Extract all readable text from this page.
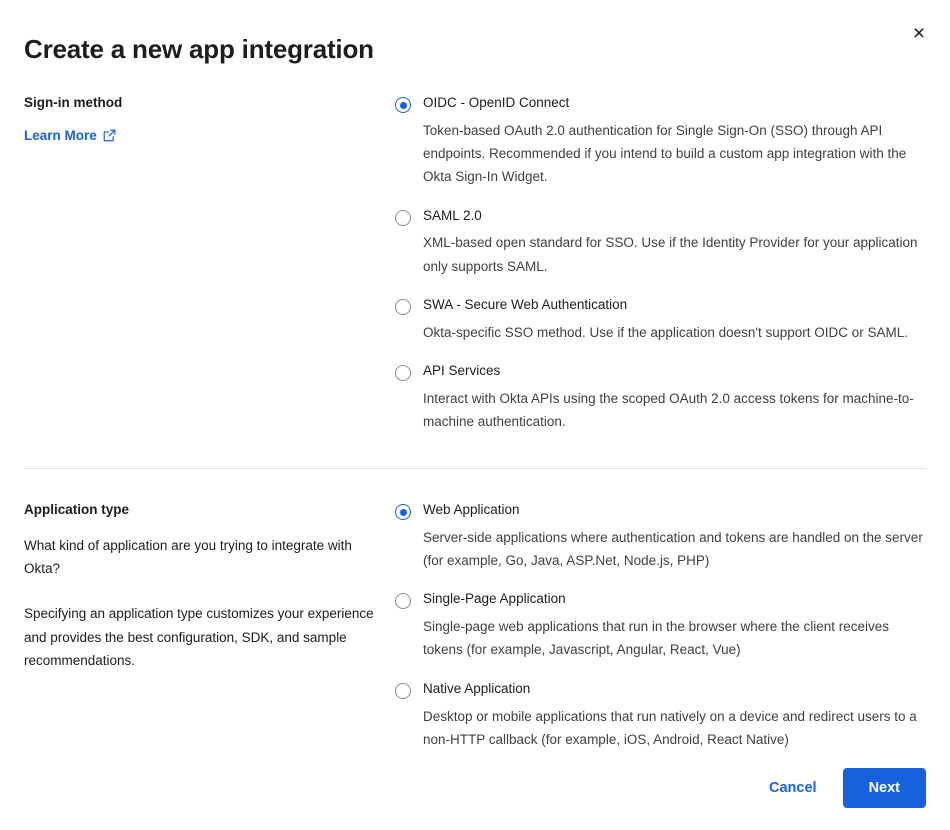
×
Create a new app integration
Sign-in method
Learn More
OIDC - OpenID Connect
Token-based OAuth 2.0 authentication for Single Sign-On (SSO) through API endpoints. Recommended if you intend to build a custom app integration with the Okta Sign-In Widget.
SAML 2.0
XML-based open standard for SSO. Use if the Identity Provider for your application only supports SAML.
SWA - Secure Web Authentication
Okta-specific SSO method. Use if the application doesn't support OIDC or SAML.
API Services
Interact with Okta APIs using the scoped OAuth 2.0 access tokens for machine-to-machine authentication.
Application type

What kind of application are you trying to integrate with Okta?

Specifying an application type customizes your experience and provides the best configuration, SDK, and sample recommendations.

Web Application
Server-side applications where authentication and tokens are handled on the server (for example, Go, Java, ASP.Net, Node.js, PHP)
Single-Page Application
Single-page web applications that run in the browser where the client receives tokens (for example, Javascript, Angular, React, Vue)
Native Application
Desktop or mobile applications that run natively on a device and redirect users to a non-HTTP callback (for example, iOS, Android, React Native)
Cancel	Next
